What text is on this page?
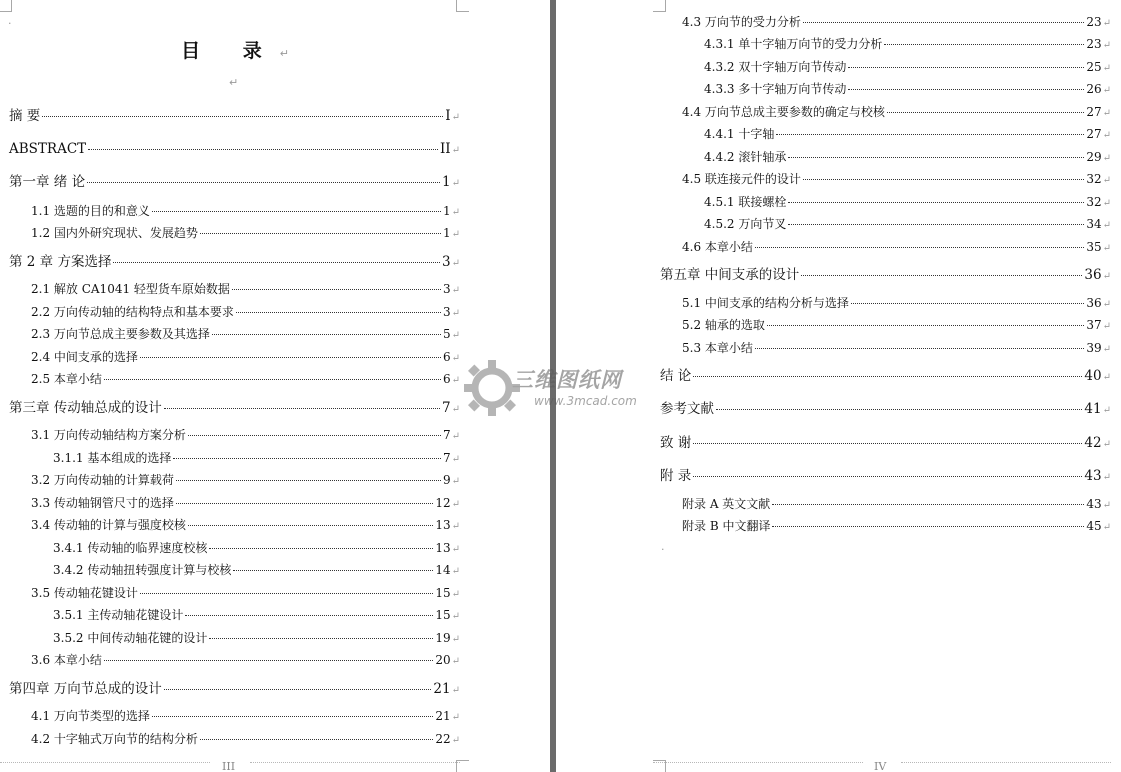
.
目 录↵
↵
摘 要	I ↵
ABSTRACT	II ↵
第一章 绪 论	1 ↵
1.1 选题的目的和意义	1 ↵
1.2 国内外研究现状、发展趋势	1 ↵
第 2 章 方案选择	3 ↵
2.1 解放 CA1041 轻型货车原始数据	3 ↵
2.2 万向传动轴的结构特点和基本要求	3 ↵
2.3 万向节总成主要参数及其选择	5 ↵
2.4 中间支承的选择	6 ↵
2.5 本章小结	6 ↵
第三章 传动轴总成的设计	7 ↵
3.1 万向传动轴结构方案分析	7 ↵
3.1.1 基本组成的选择	7 ↵
3.2 万向传动轴的计算载荷	9 ↵
3.3 传动轴钢管尺寸的选择	12 ↵
3.4 传动轴的计算与强度校核	13 ↵
3.4.1 传动轴的临界速度校核	13 ↵
3.4.2 传动轴扭转强度计算与校核	14 ↵
3.5 传动轴花键设计	15 ↵
3.5.1 主传动轴花键设计	15 ↵
3.5.2 中间传动轴花键的设计	19 ↵
3.6 本章小结	20 ↵
第四章 万向节总成的设计	21 ↵
4.1 万向节类型的选择	21 ↵
4.2 十字轴式万向节的结构分析	22 ↵
III
4.3 万向节的受力分析	23 ↵
4.3.1 单十字轴万向节的受力分析	23 ↵
4.3.2 双十字轴万向节传动	25 ↵
4.3.3 多十字轴万向节传动	26 ↵
4.4 万向节总成主要参数的确定与校核	27 ↵
4.4.1 十字轴	27 ↵
4.4.2 滚针轴承	29 ↵
4.5 联连接元件的设计	32 ↵
4.5.1 联接螺栓	32 ↵
4.5.2 万向节叉	34 ↵
4.6 本章小结	35 ↵
第五章 中间支承的设计	36 ↵
5.1 中间支承的结构分析与选择	36 ↵
5.2 轴承的选取	37 ↵
5.3 本章小结	39 ↵
结 论	40 ↵
参考文献	41 ↵
致 谢	42 ↵
附 录	43 ↵
附录 A 英文文献	43 ↵
附录 B 中文翻译	45 ↵
.
IV
三维图纸网
www.3mcad.com
